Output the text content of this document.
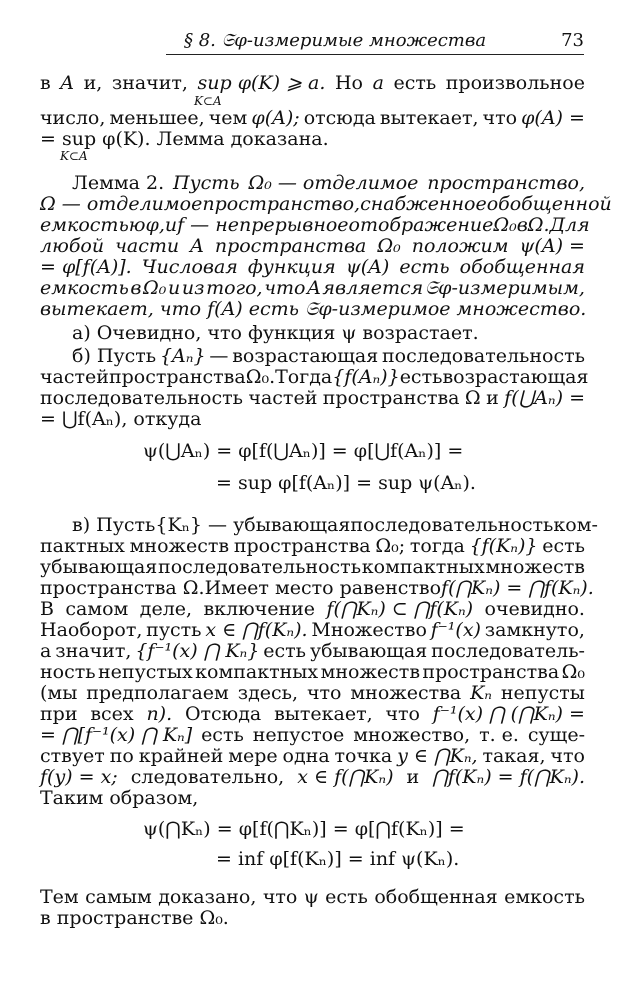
§ 8. 𝔖φ-измеримые множества	73
в A и, значит, sup φ(K) ⩾ a. Но a есть произвольное
K⊂A
число, меньшее, чем φ(A); отсюда вытекает, что φ(A) =
= sup φ(K). Лемма доказана.
K⊂A
Лемма 2. Пусть Ω₀ — отделимое пространство,
Ω — отделимое пространство, снабженное обобщенной
емкостью φ, и f — непрерывное отображение Ω₀ в Ω. Для
любой части A пространства Ω₀ положим ψ(A) =
= φ[f(A)]. Числовая функция ψ(A) есть обобщенная
емкость в Ω₀ и из того, что A является 𝔖φ-измеримым,
вытекает, что f(A) есть 𝔖φ-измеримое множество.
а) Очевидно, что функция ψ возрастает.
б) Пусть {Aₙ} — возрастающая последовательность
частей пространства Ω₀. Тогда {f(Aₙ)} есть возрастающая
последовательность частей пространства Ω и f(⋃Aₙ) =
= ⋃f(Aₙ), откуда
ψ(⋃Aₙ) = φ[f(⋃Aₙ)] = φ[⋃f(Aₙ)] =
= sup φ[f(Aₙ)] = sup ψ(Aₙ).
в) Пусть {Kₙ} — убывающая последовательность ком-
пактных множеств пространства Ω₀; тогда {f(Kₙ)} есть
убывающая последовательность компактных множеств
пространства Ω. Имеет место равенство f(⋂Kₙ) = ⋂f(Kₙ).
В самом деле, включение f(⋂Kₙ) ⊂ ⋂f(Kₙ) очевидно.
Наоборот, пусть x ∈ ⋂f(Kₙ). Множество f⁻¹(x) замкнуто,
а значит, {f⁻¹(x) ⋂ Kₙ} есть убывающая последователь-
ность непустых компактных множеств пространства Ω₀
(мы предполагаем здесь, что множества Kₙ непусты
при всех n). Отсюда вытекает, что f⁻¹(x) ⋂ (⋂Kₙ) =
= ⋂[f⁻¹(x) ⋂ Kₙ] есть непустое множество, т. е. суще-
ствует по крайней мере одна точка y ∈ ⋂Kₙ, такая, что
f(y) = x; следовательно, x ∈ f(⋂Kₙ) и ⋂f(Kₙ) = f(⋂Kₙ).
Таким образом,
ψ(⋂Kₙ) = φ[f(⋂Kₙ)] = φ[⋂f(Kₙ)] =
= inf φ[f(Kₙ)] = inf ψ(Kₙ).
Тем самым доказано, что ψ есть обобщенная емкость
в пространстве Ω₀.
